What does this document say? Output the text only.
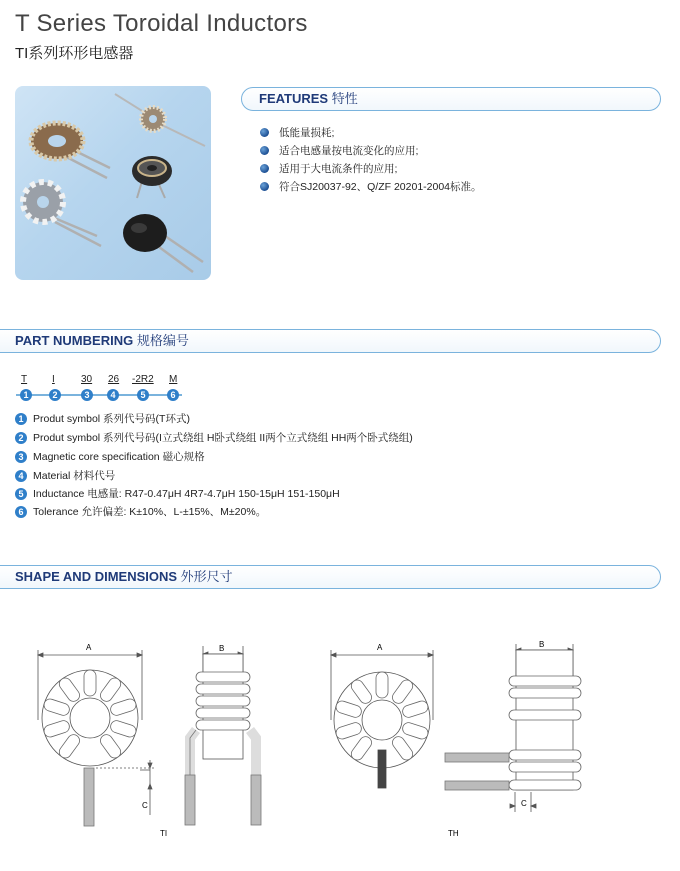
T Series Toroidal Inductors
TI系列环形电感器
FEATURES 特性
低能量损耗;
适合电感量按电流变化的应用;
适用于大电流条件的应用;
符合SJ20037-92、Q/ZF 20201-2004标准。
PART NUMBERING 规格编号
T I	30 26 -2R2 M
1	2	3	4	5	6
1 Produt symbol 系列代号码(T环式)
2 Produt symbol 系列代号码(I立式绕组 H卧式绕组 II两个立式绕组 HH两个卧式绕组)
3 Magnetic core specification 磁心规格
4 Material 材料代号
5 Inductance 电感量: R47-0.47μH 4R7-4.7μH 150-15μH 151-150μH
6 Tolerance 允许偏差: K±10%、L-±15%、M±20%。
SHAPE AND DIMENSIONS 外形尺寸
A
C
TI
B	A
TH
B
C
